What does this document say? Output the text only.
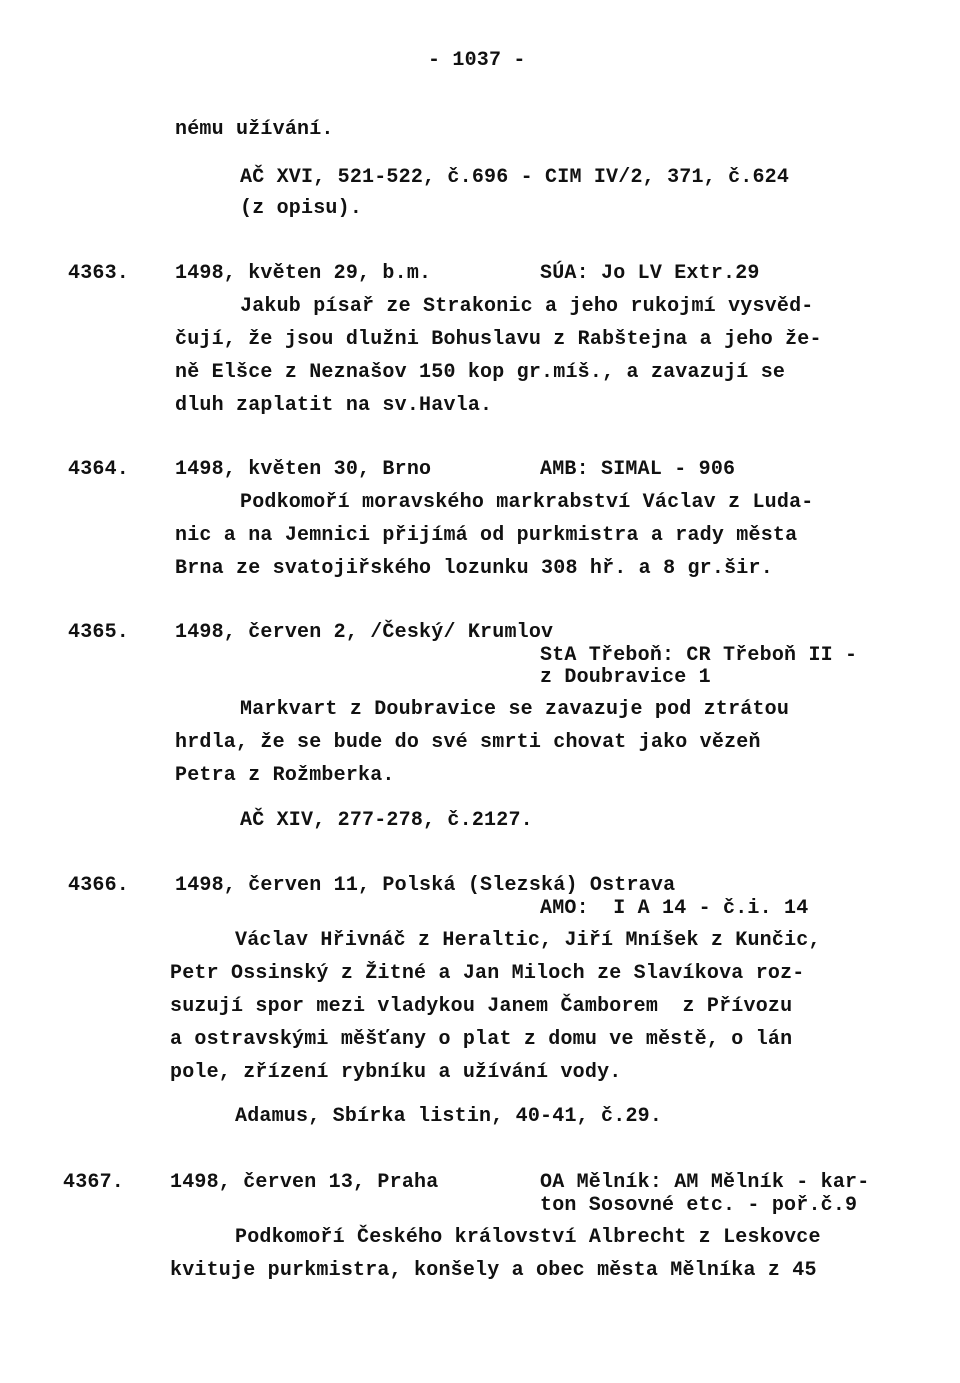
- 1037 -
nému užívání.
AČ XVI, 521-522, č.696 - CIM IV/2, 371, č.624
(z opisu).
4363. 1498, květen 29, b.m.	SÚA: Jo LV Extr.29
Jakub písař ze Strakonic a jeho rukojmí vysvěd-
čují, že jsou dlužni Bohuslavu z Rabštejna a jeho že-
ně Elšce z Neznašov 150 kop gr.míš., a zavazují se
dluh zaplatit na sv.Havla.
4364. 1498, květen 30, Brno	AMB: SIMAL - 906
Podkomoří moravského markrabství Václav z Ludа-
nic a na Jemnici přijímá od purkmistra a rady města
Brna ze svatojiřského lozunku 308 hř. a 8 gr.šir.
4365. 1498, červen 2, /Český/ Krumlov
StA Třeboň: CR Třeboň II -
z Doubravice 1
Markvart z Doubravice se zavazuje pod ztrátou
hrdla, že se bude do své smrti chovat jako vězeň
Petra z Rožmberka.
AČ XIV, 277-278, č.2127.
4366. 1498, červen 11, Polská (Slezská) Ostrava
AMO:  I A 14 - č.i. 14
Václav Hřivnáč z Heraltic, Jiří Mníšek z Kunčic,
Petr Ossinský z Žitné a Jan Miloch ze Slavíkova roz-
suzují spor mezi vladykou Janem Čamborem  z Přívozu
a ostravskými měšťany o plat z domu ve městě, o lán
pole, zřízení rybníku a užívání vody.
Adamus, Sbírka listin, 40-41, č.29.
4367. 1498, červen 13, Praha	OA Mělník: AM Mělník - kar-
ton Sosovné etc. - poř.č.9
Podkomoří Českého království Albrecht z Leskovce
kvituje purkmistra, konšely a obec města Mělníka z 45
